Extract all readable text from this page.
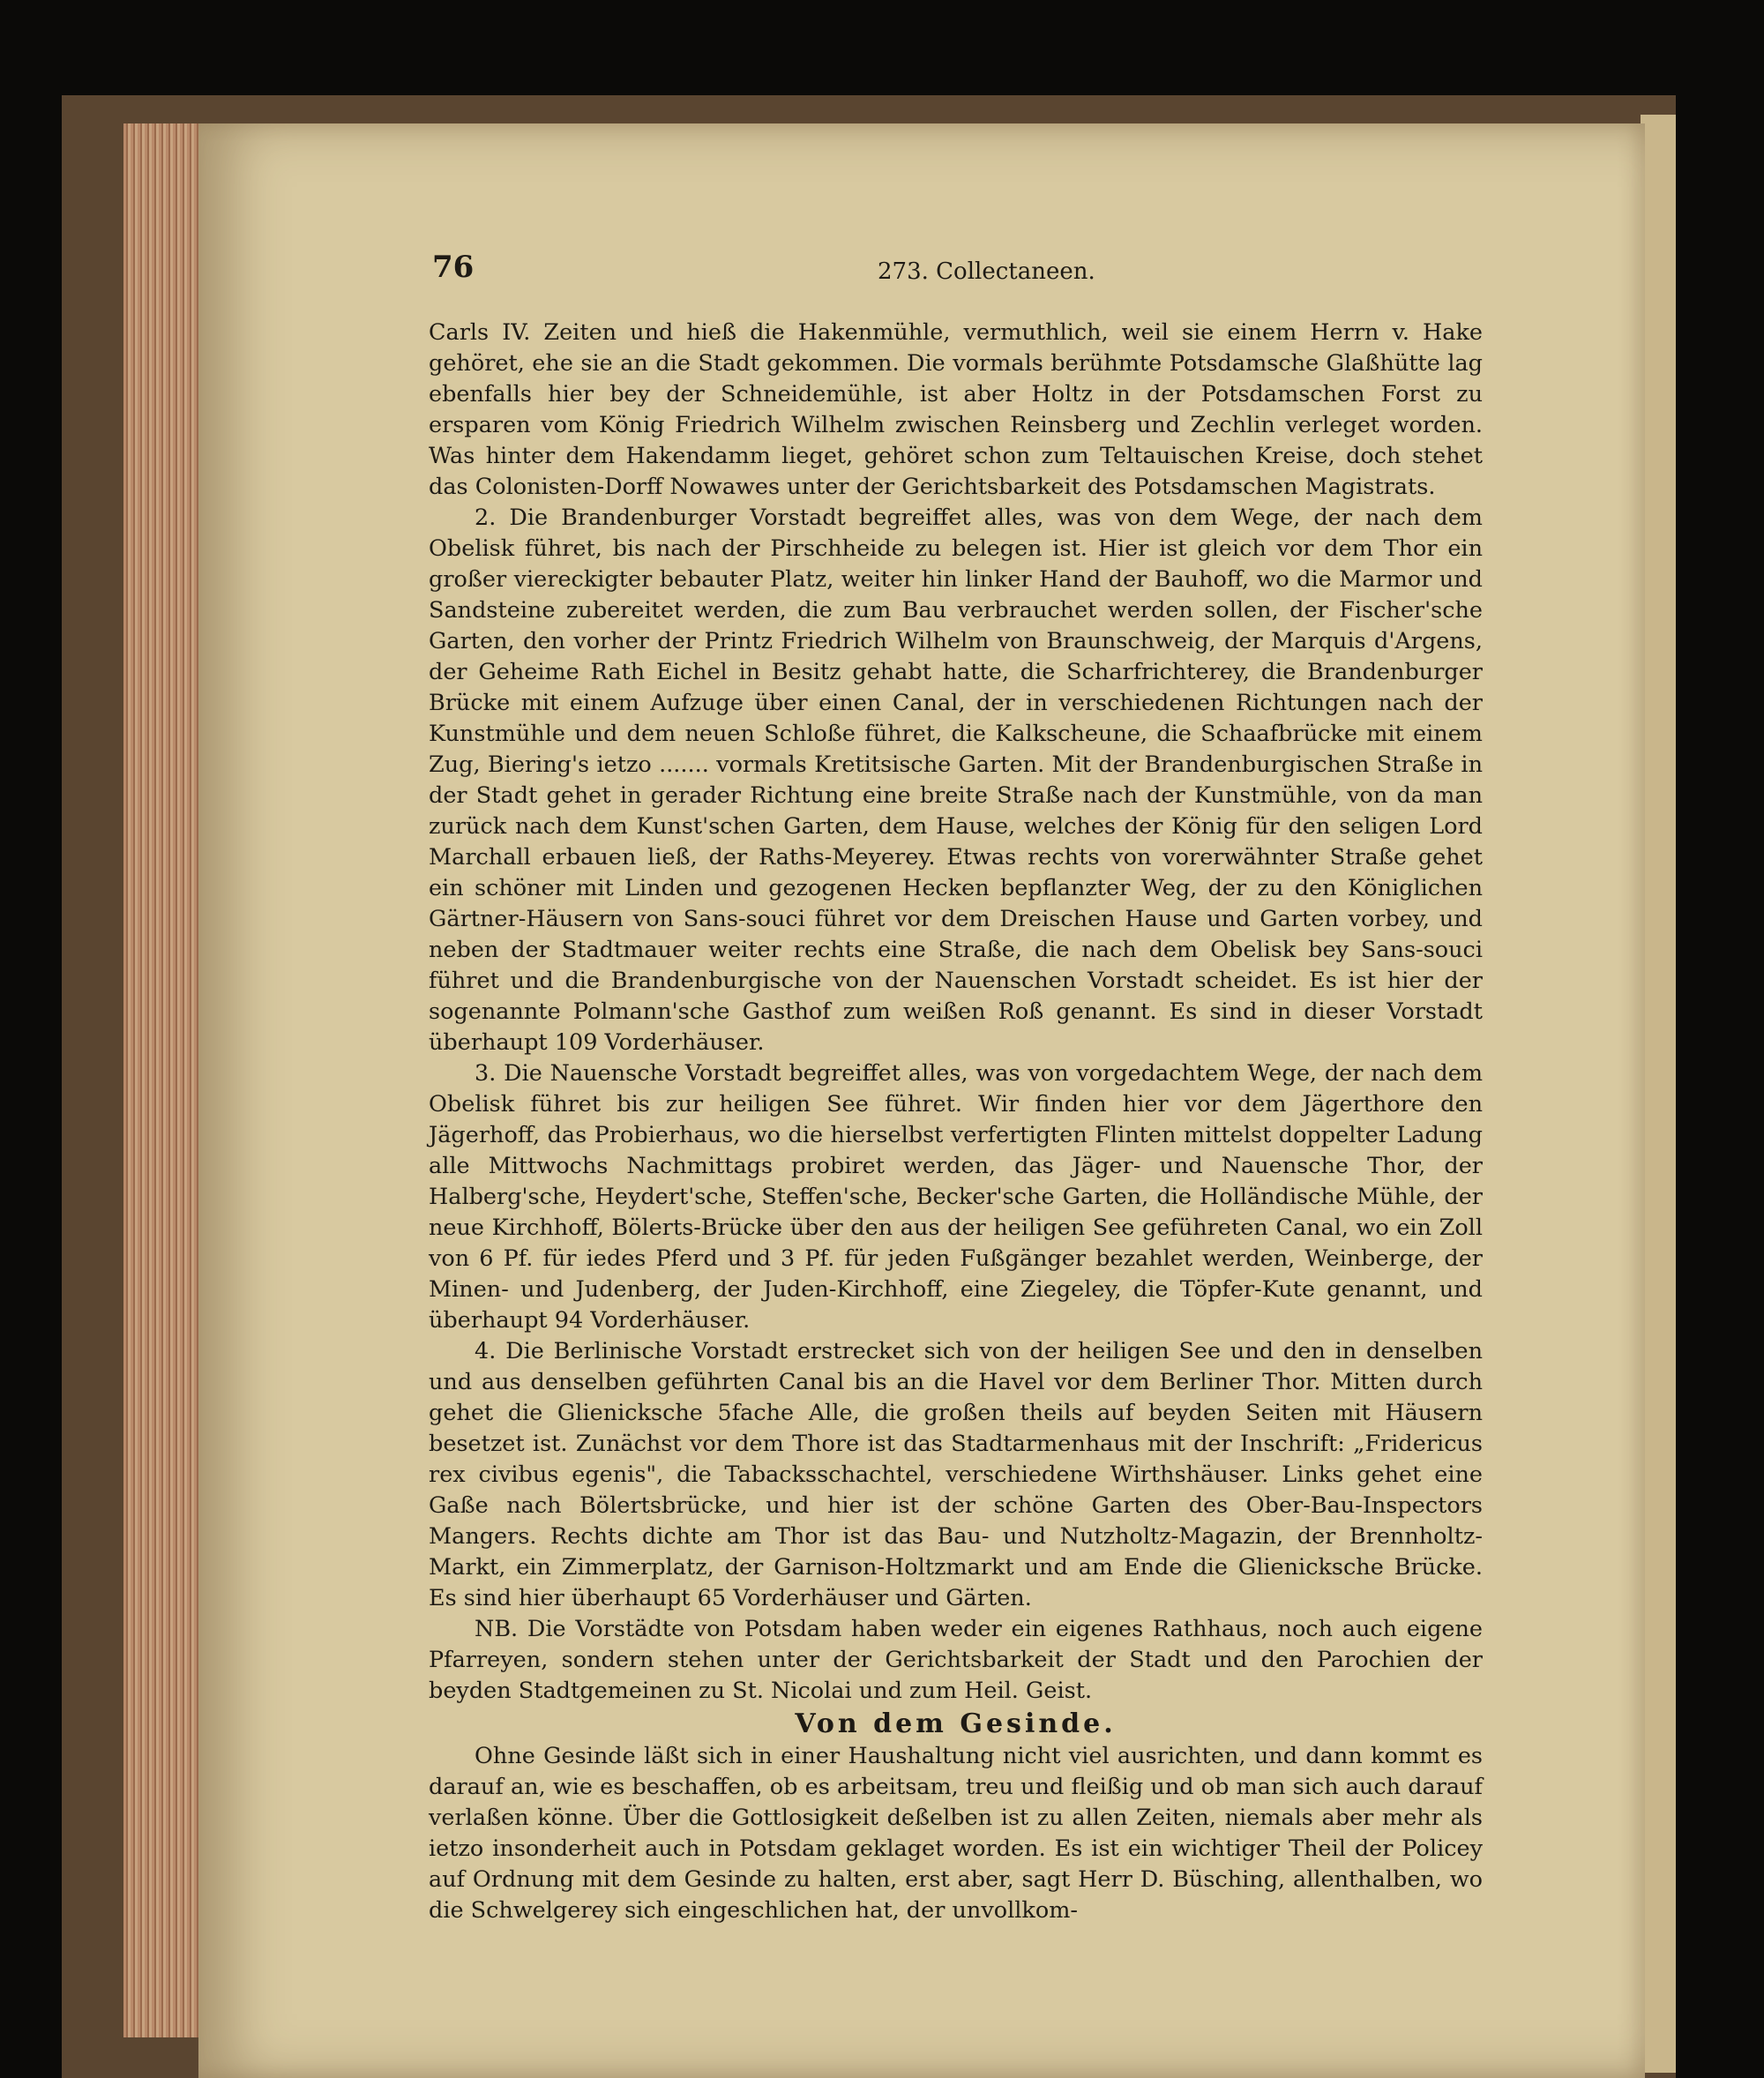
76	273. Collectaneen.

Carls IV. Zeiten und hieß die Hakenmühle, vermuthlich, weil sie einem Herrn v. Hake gehöret, ehe sie an die Stadt gekommen. Die vormals berühmte Potsdamsche Glaßhütte lag ebenfalls hier bey der Schneidemühle, ist aber Holtz in der Potsdamschen Forst zu ersparen vom König Friedrich Wilhelm zwischen Reinsberg und Zechlin verleget worden. Was hinter dem Hakendamm lieget, gehöret schon zum Teltauischen Kreise, doch stehet das Colonisten-Dorff Nowawes unter der Gerichtsbarkeit des Potsdamschen Magistrats.

2. Die Brandenburger Vorstadt begreiffet alles, was von dem Wege, der nach dem Obelisk führet, bis nach der Pirschheide zu belegen ist. Hier ist gleich vor dem Thor ein großer viereckigter bebauter Platz, weiter hin linker Hand der Bauhoff, wo die Marmor und Sandsteine zubereitet werden, die zum Bau verbrauchet werden sollen, der Fischer'sche Garten, den vorher der Printz Friedrich Wilhelm von Braunschweig, der Marquis d'Argens, der Geheime Rath Eichel in Besitz gehabt hatte, die Scharfrichterey, die Brandenburger Brücke mit einem Aufzuge über einen Canal, der in verschiedenen Richtungen nach der Kunstmühle und dem neuen Schloße führet, die Kalkscheune, die Schaafbrücke mit einem Zug, Biering's ietzo ....... vormals Kretitsische Garten. Mit der Brandenburgischen Straße in der Stadt gehet in gerader Richtung eine breite Straße nach der Kunstmühle, von da man zurück nach dem Kunst'schen Garten, dem Hause, welches der König für den seligen Lord Marchall erbauen ließ, der Raths-Meyerey. Etwas rechts von vorerwähnter Straße gehet ein schöner mit Linden und gezogenen Hecken bepflanzter Weg, der zu den Königlichen Gärtner-Häusern von Sans-souci führet vor dem Dreischen Hause und Garten vorbey, und neben der Stadtmauer weiter rechts eine Straße, die nach dem Obelisk bey Sans-souci führet und die Brandenburgische von der Nauenschen Vorstadt scheidet. Es ist hier der sogenannte Polmann'sche Gasthof zum weißen Roß genannt. Es sind in dieser Vorstadt überhaupt 109 Vorderhäuser.

3. Die Nauensche Vorstadt begreiffet alles, was von vorgedachtem Wege, der nach dem Obelisk führet bis zur heiligen See führet. Wir finden hier vor dem Jägerthore den Jägerhoff, das Probierhaus, wo die hierselbst verfertigten Flinten mittelst doppelter Ladung alle Mittwochs Nachmittags probiret werden, das Jäger- und Nauensche Thor, der Halberg'sche, Heydert'sche, Steffen'sche, Becker'sche Garten, die Holländische Mühle, der neue Kirchhoff, Bölerts-Brücke über den aus der heiligen See geführeten Canal, wo ein Zoll von 6 Pf. für iedes Pferd und 3 Pf. für jeden Fußgänger bezahlet werden, Weinberge, der Minen- und Judenberg, der Juden-Kirchhoff, eine Ziegeley, die Töpfer-Kute genannt, und überhaupt 94 Vorderhäuser.

4. Die Berlinische Vorstadt erstrecket sich von der heiligen See und den in denselben und aus denselben geführten Canal bis an die Havel vor dem Berliner Thor. Mitten durch gehet die Glienicksche 5fache Alle, die großen theils auf beyden Seiten mit Häusern besetzet ist. Zunächst vor dem Thore ist das Stadtarmenhaus mit der Inschrift: „Fridericus rex civibus egenis", die Tabacksschachtel, verschiedene Wirthshäuser. Links gehet eine Gaße nach Bölertsbrücke, und hier ist der schöne Garten des Ober-Bau-Inspectors Mangers. Rechts dichte am Thor ist das Bau- und Nutzholtz-Magazin, der Brennholtz-Markt, ein Zimmerplatz, der Garnison-Holtzmarkt und am Ende die Glienicksche Brücke. Es sind hier überhaupt 65 Vorderhäuser und Gärten.

NB. Die Vorstädte von Potsdam haben weder ein eigenes Rathhaus, noch auch eigene Pfarreyen, sondern stehen unter der Gerichtsbarkeit der Stadt und den Parochien der beyden Stadtgemeinen zu St. Nicolai und zum Heil. Geist.

Von dem Gesinde.

Ohne Gesinde läßt sich in einer Haushaltung nicht viel ausrichten, und dann kommt es darauf an, wie es beschaffen, ob es arbeitsam, treu und fleißig und ob man sich auch darauf verlaßen könne. Über die Gottlosigkeit deßelben ist zu allen Zeiten, niemals aber mehr als ietzo insonderheit auch in Potsdam geklaget worden. Es ist ein wichtiger Theil der Policey auf Ordnung mit dem Gesinde zu halten, erst aber, sagt Herr D. Büsching, allenthalben, wo die Schwelgerey sich eingeschlichen hat, der unvollkom-
